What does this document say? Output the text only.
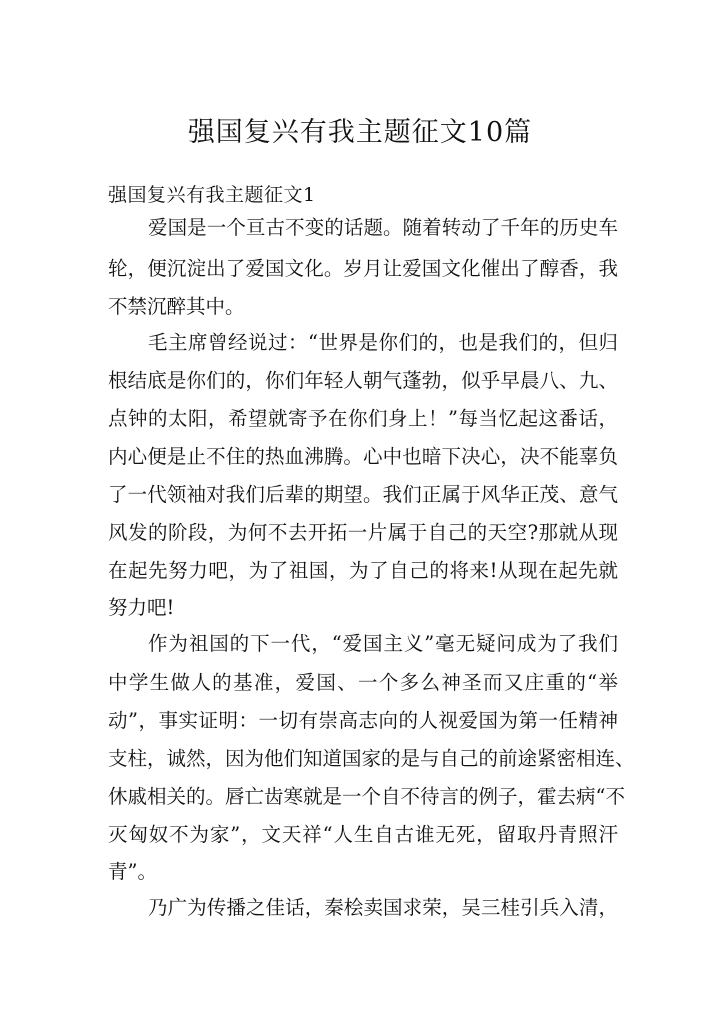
强国复兴有我主题征文10篇
强国复兴有我主题征文1
爱国是一个亘古不变的话题。随着转动了千年的历史车
轮，便沉淀出了爱国文化。岁月让爱国文化催出了醇香，我
不禁沉醉其中。
毛主席曾经说过：“世界是你们的，也是我们的，但归
根结底是你们的，你们年轻人朝气蓬勃，似乎早晨八、九、
点钟的太阳，希望就寄予在你们身上！”每当忆起这番话，
内心便是止不住的热血沸腾。心中也暗下决心，决不能辜负
了一代领袖对我们后辈的期望。我们正属于风华正茂、意气
风发的阶段，为何不去开拓一片属于自己的天空?那就从现
在起先努力吧，为了祖国，为了自己的将来!从现在起先就
努力吧!
作为祖国的下一代，“爱国主义”毫无疑问成为了我们
中学生做人的基准，爱国、一个多么神圣而又庄重的“举
动”，事实证明：一切有崇高志向的人视爱国为第一任精神
支柱，诚然，因为他们知道国家的是与自己的前途紧密相连、
休戚相关的。唇亡齿寒就是一个自不待言的例子，霍去病“不
灭匈奴不为家”，文天祥“人生自古谁无死，留取丹青照汗
青”。
乃广为传播之佳话，秦桧卖国求荣，吴三桂引兵入清，
